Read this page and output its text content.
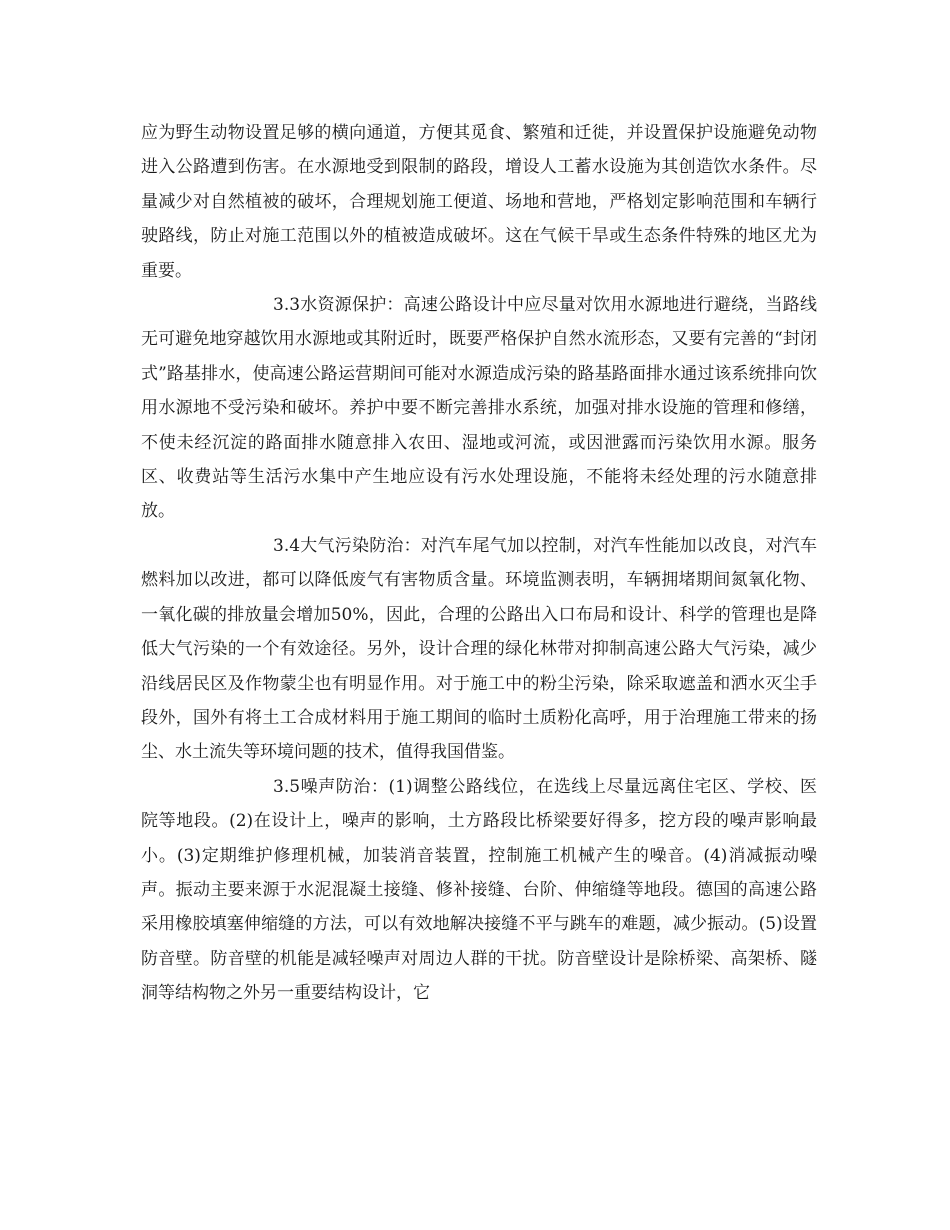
应为野生动物设置足够的横向通道，方便其觅食、繁殖和迁徙，并设置保护设施避免动物进入公路遭到伤害。在水源地受到限制的路段，增设人工蓄水设施为其创造饮水条件。尽量减少对自然植被的破坏，合理规划施工便道、场地和营地，严格划定影响范围和车辆行驶路线，防止对施工范围以外的植被造成破坏。这在气候干旱或生态条件特殊的地区尤为重要。

3.3水资源保护：高速公路设计中应尽量对饮用水源地进行避绕，当路线无可避免地穿越饮用水源地或其附近时，既要严格保护自然水流形态，又要有完善的“封闭式”路基排水，使高速公路运营期间可能对水源造成污染的路基路面排水通过该系统排向饮用水源地不受污染和破坏。养护中要不断完善排水系统，加强对排水设施的管理和修缮，不使未经沉淀的路面排水随意排入农田、湿地或河流，或因泄露而污染饮用水源。服务区、收费站等生活污水集中产生地应设有污水处理设施，不能将未经处理的污水随意排放。

3.4大气污染防治：对汽车尾气加以控制，对汽车性能加以改良，对汽车燃料加以改进，都可以降低废气有害物质含量。环境监测表明，车辆拥堵期间氮氧化物、一氧化碳的排放量会增加50%，因此，合理的公路出入口布局和设计、科学的管理也是降低大气污染的一个有效途径。另外，设计合理的绿化林带对抑制高速公路大气污染，减少沿线居民区及作物蒙尘也有明显作用。对于施工中的粉尘污染，除采取遮盖和洒水灭尘手段外，国外有将土工合成材料用于施工期间的临时土质粉化高呼，用于治理施工带来的扬尘、水土流失等环境问题的技术，值得我国借鉴。

3.5噪声防治：(1)调整公路线位，在选线上尽量远离住宅区、学校、医院等地段。(2)在设计上，噪声的影响，土方路段比桥梁要好得多，挖方段的噪声影响最小。(3)定期维护修理机械，加装消音装置，控制施工机械产生的噪音。(4)消减振动噪声。振动主要来源于水泥混凝土接缝、修补接缝、台阶、伸缩缝等地段。德国的高速公路采用橡胶填塞伸缩缝的方法，可以有效地解决接缝不平与跳车的难题，减少振动。(5)设置防音壁。防音壁的机能是减轻噪声对周边人群的干扰。防音壁设计是除桥梁、高架桥、隧洞等结构物之外另一重要结构设计，它
